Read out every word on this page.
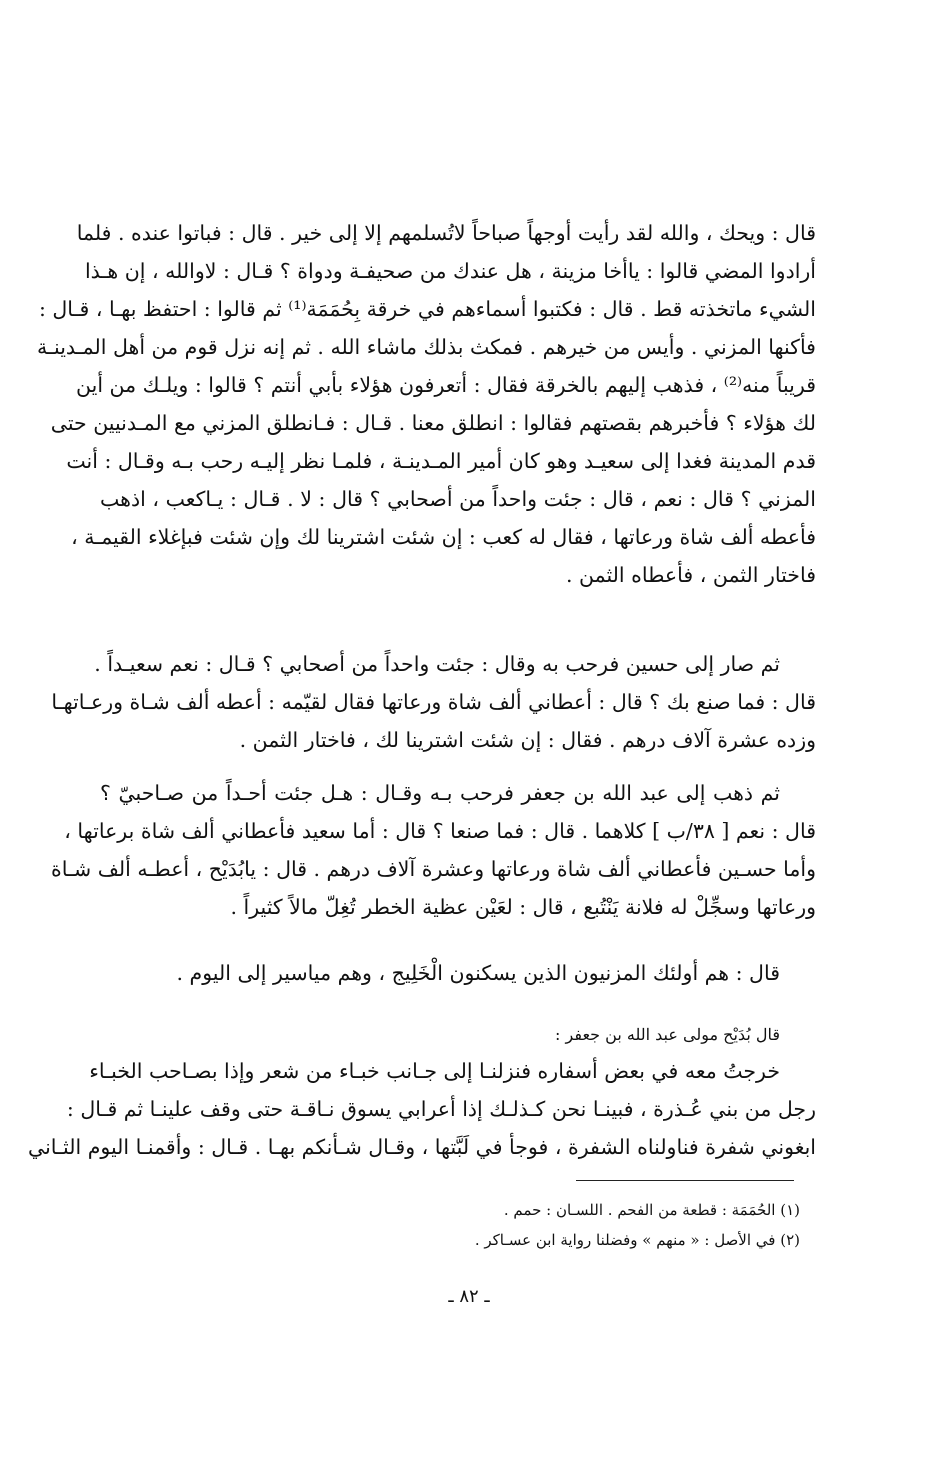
قال : ويحك ، والله لقد رأيت أوجهاً صباحاً لاتُسلمهم إلا إلى خير . قال : فباتوا عنده . فلما
أرادوا المضي قالوا : ياأخا مزينة ، هل عندك من صحيفـة ودواة ؟ قـال : لاوالله ، إن هـذا
الشيء ماتخذته قط . قال : فكتبوا أسماءهم في خرقة بِحُمَمَة⁽¹⁾ ثم قالوا : احتفظ بهـا ، قـال :
فأكنها المزني . وأيس من خيرهم . فمكث بذلك ماشاء الله . ثم إنه نزل قوم من أهل المـدينـة
قريباً منه⁽²⁾ ، فذهب إليهم بالخرقة فقال : أتعرفون هؤلاء بأبي أنتم ؟ قالوا : ويلـك من أين
لك هؤلاء ؟ فأخبرهم بقصتهم فقالوا : انطلق معنا . قـال : فـانطلق المزني مع المـدنيين حتى
قدم المدينة فغدا إلى سعيـد وهو كان أمير المـدينـة ، فلمـا نظر إليـه رحب بـه وقـال : أنت
المزني ؟ قال : نعم ، قال : جئت واحداً من أصحابي ؟ قال : لا . قـال : يـاكعب ، اذهب
فأعطه ألف شاة ورعاتها ، فقال له كعب : إن شئت اشترينا لك وإن شئت فبإغلاء القيمـة ،
فاختار الثمن ، فأعطاه الثمن .
ثم صار إلى حسين فرحب به وقال : جئت واحداً من أصحابي ؟ قـال : نعم سعيـداً .
قال : فما صنع بك ؟ قال : أعطاني ألف شاة ورعاتها فقال لقيّمه : أعطه ألف شـاة ورعـاتهـا
وزده عشرة آلاف درهم . فقال : إن شئت اشترينا لك ، فاختار الثمن .
ثم ذهب إلى عبد الله بن جعفر فرحب بـه وقـال : هـل جئت أحـداً من صـاحبيّ ؟
قال : نعم [ ٣٨/ب ] كلاهما . قال : فما صنعا ؟ قال : أما سعيد فأعطاني ألف شاة برعاتها ،
وأما حسـين فأعطاني ألف شاة ورعاتها وعشرة آلاف درهم . قال : يابُدَيْح ، أعطـه ألف شـاة
ورعاتها وسجِّلْ له فلانة يَنْتُبع ، قال : لعَيْن عظية الخطر تُغِلّ مالاً كثيراً .
قال : هم أولئك المزنيون الذين يسكنون الْخَلِيج ، وهم مياسير إلى اليوم .
قال بُدَيْح مولى عبد الله بن جعفر :
خرجتُ معه في بعض أسفاره فنزلنـا إلى جـانب خبـاء من شعر وإذا بصـاحب الخبـاء
رجل من بني عُـذرة ، فبينـا نحن كـذلـك إذا أعرابي يسوق نـاقـة حتى وقف علينـا ثم قـال :
ابغوني شفرة فناولناه الشفرة ، فوجأ في لَبَّتها ، وقـال شـأنكم بهـا . قـال : وأقمنـا اليوم الثـاني
(١) الحُمَمَة : قطعة من الفحم . اللسـان : حمم .
(٢) في الأصل : « منهم » وفضلنا رواية ابن عسـاكر .
ـ ٨٢ ـ
